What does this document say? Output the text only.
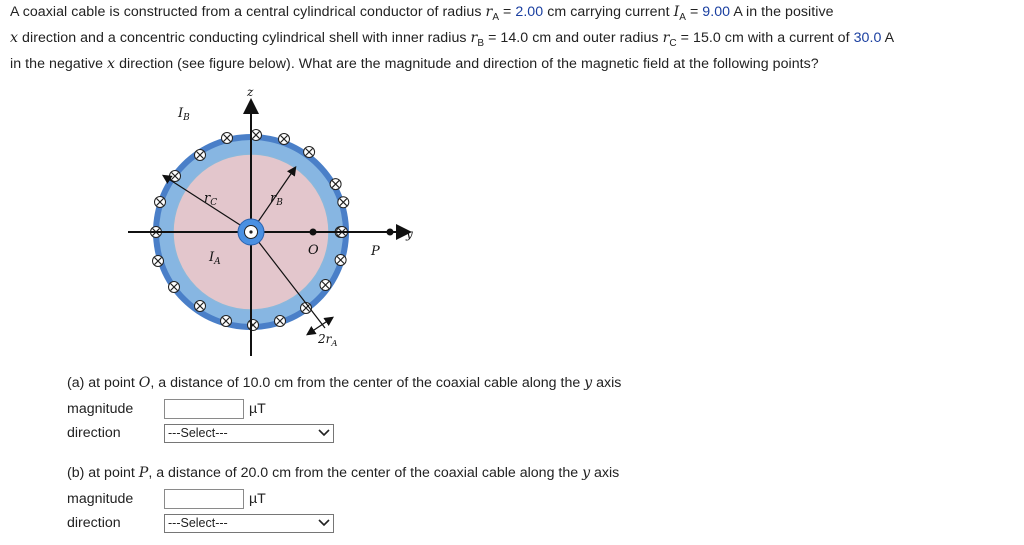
A coaxial cable is constructed from a central cylindrical conductor of radius $r_A = 2.00$ cm carrying current $I_A = 9.00$ A in the positive
x direction and a concentric conducting cylindrical shell with inner radius $r_B = 14.0$ cm and outer radius $r_C = 15.0$ cm with a current of 30.0 A
in the negative x direction (see figure below). What are the magnitude and direction of the magnetic field at the following points?
z
y
$I_B$
$r_C$	$r_B$
$I_A$
O	P
$2r_A$
(a) at point O, a distance of 10.0 cm from the center of the coaxial cable along the y axis
magnitude	µT
direction	---Select---
(b) at point P, a distance of 20.0 cm from the center of the coaxial cable along the y axis
magnitude	µT
direction	---Select---
